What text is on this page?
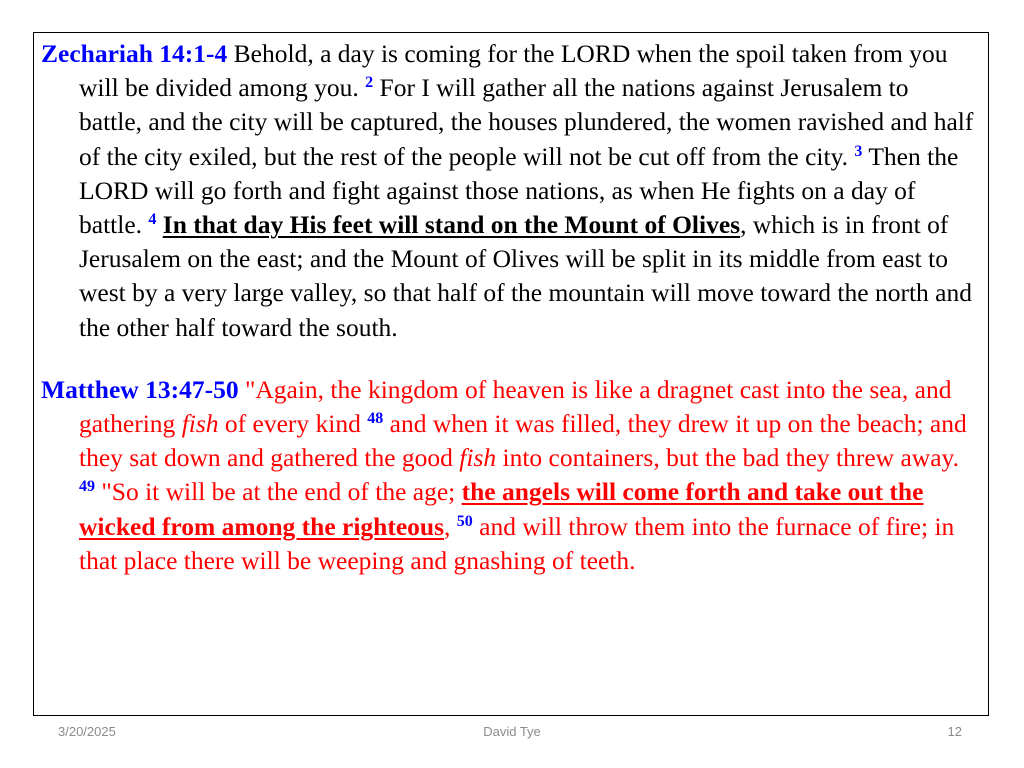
Zechariah 14:1-4 Behold, a day is coming for the LORD when the spoil taken from you will be divided among you. $^2$ For I will gather all the nations against Jerusalem to battle, and the city will be captured, the houses plundered, the women ravished and half of the city exiled, but the rest of the people will not be cut off from the city. $^3$ Then the LORD will go forth and fight against those nations, as when He fights on a day of battle. $^4$ In that day His feet will stand on the Mount of Olives, which is in front of Jerusalem on the east; and the Mount of Olives will be split in its middle from east to west by a very large valley, so that half of the mountain will move toward the north and the other half toward the south.

Matthew 13:47-50 "Again, the kingdom of heaven is like a dragnet cast into the sea, and gathering fish of every kind $^{48}$ and when it was filled, they drew it up on the beach; and they sat down and gathered the good fish into containers, but the bad they threw away. $^{49}$ "So it will be at the end of the age; the angels will come forth and take out the wicked from among the righteous, $^{50}$ and will throw them into the furnace of fire; in that place there will be weeping and gnashing of teeth.

3/20/2025	David Tye	12
